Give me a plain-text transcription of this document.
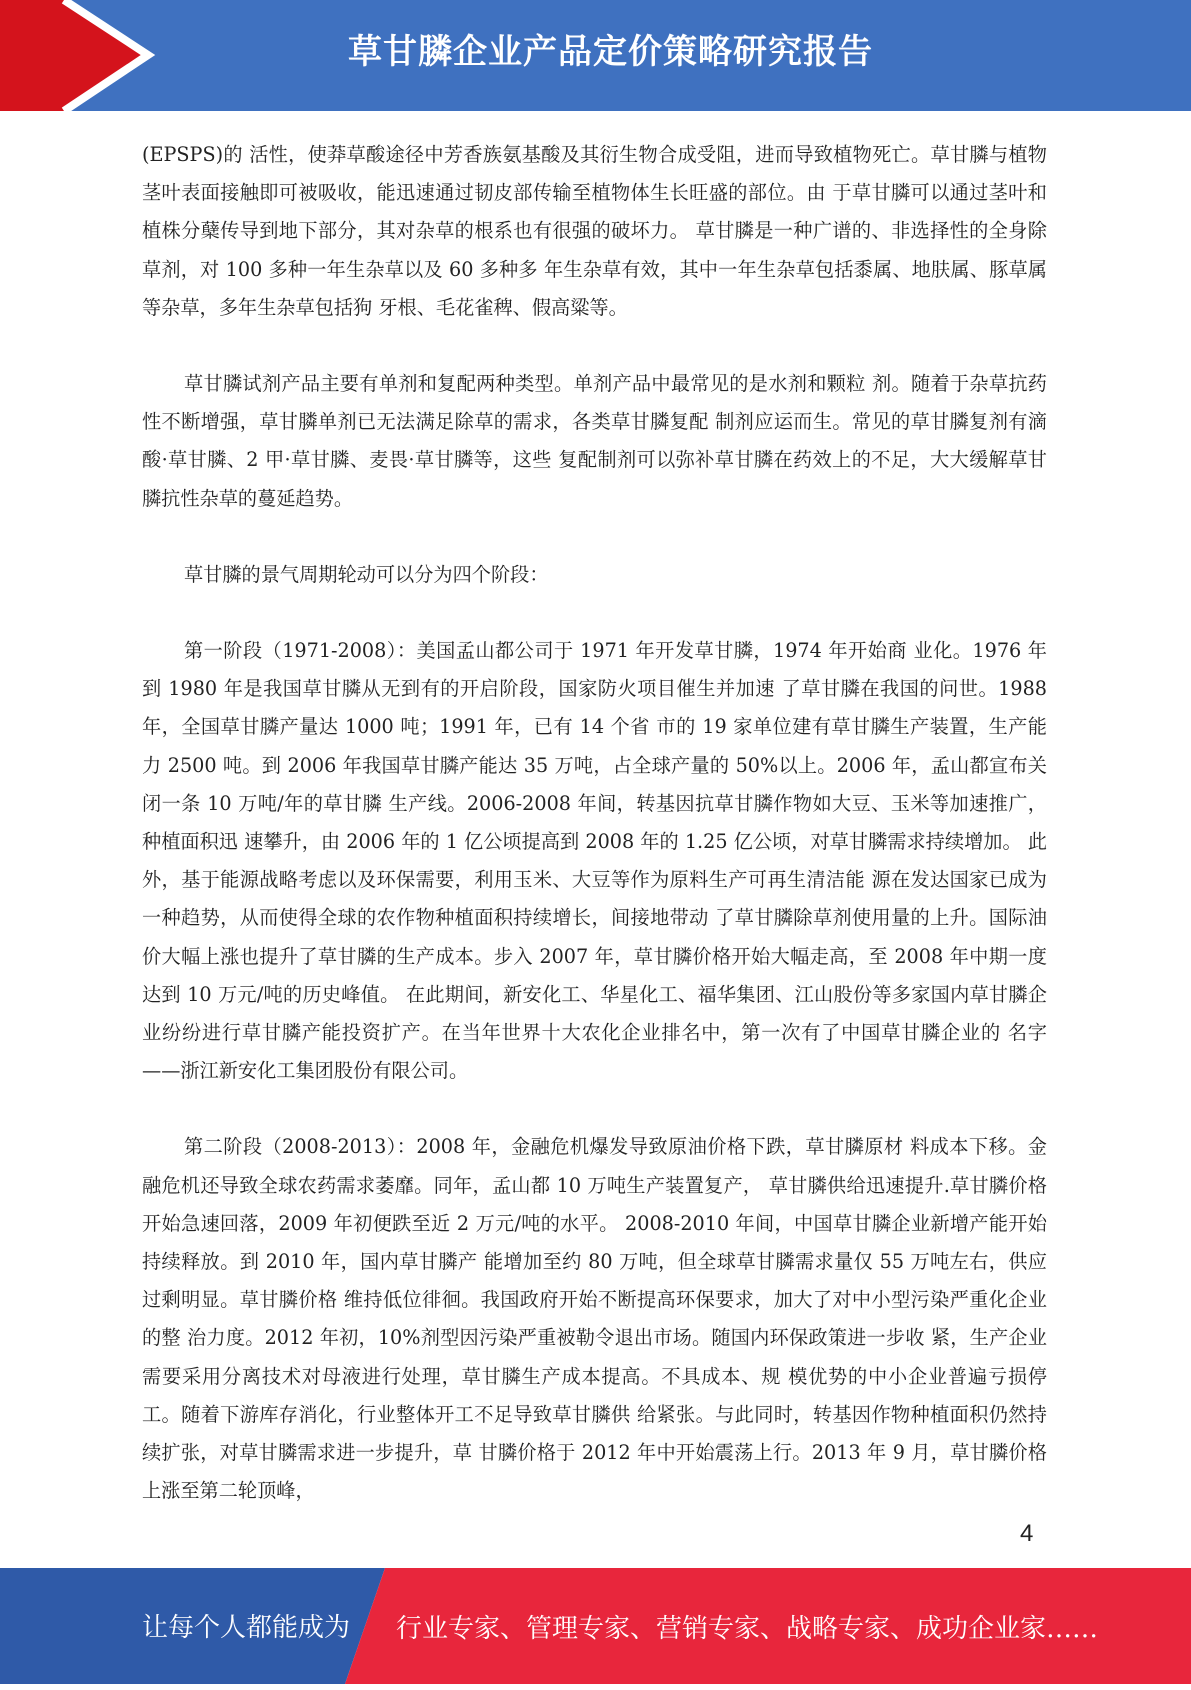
草甘膦企业产品定价策略研究报告

(EPSPS)的 活性，使莽草酸途径中芳香族氨基酸及其衍生物合成受阻，进而导致植物死亡。草甘膦与植物茎叶表面接触即可被吸收，能迅速通过韧皮部传输至植物体生长旺盛的部位。由 于草甘膦可以通过茎叶和植株分蘖传导到地下部分，其对杂草的根系也有很强的破坏力。 草甘膦是一种广谱的、非选择性的全身除草剂，对 100 多种一年生杂草以及 60 多种多 年生杂草有效，其中一年生杂草包括黍属、地肤属、豚草属等杂草，多年生杂草包括狗 牙根、毛花雀稗、假高粱等。

草甘膦试剂产品主要有单剂和复配两种类型。单剂产品中最常见的是水剂和颗粒 剂。随着于杂草抗药性不断增强，草甘膦单剂已无法满足除草的需求，各类草甘膦复配 制剂应运而生。常见的草甘膦复剂有滴酸·草甘膦、2 甲·草甘膦、麦畏·草甘膦等，这些 复配制剂可以弥补草甘膦在药效上的不足，大大缓解草甘膦抗性杂草的蔓延趋势。

草甘膦的景气周期轮动可以分为四个阶段：

第一阶段（1971-2008）：美国孟山都公司于 1971 年开发草甘膦，1974 年开始商 业化。1976 年到 1980 年是我国草甘膦从无到有的开启阶段，国家防火项目催生并加速 了草甘膦在我国的问世。1988 年，全国草甘膦产量达 1000 吨；1991 年，已有 14 个省 市的 19 家单位建有草甘膦生产装置，生产能力 2500 吨。到 2006 年我国草甘膦产能达 35 万吨，占全球产量的 50%以上。2006 年，孟山都宣布关闭一条 10 万吨/年的草甘膦 生产线。2006-2008 年间，转基因抗草甘膦作物如大豆、玉米等加速推广，种植面积迅 速攀升，由 2006 年的 1 亿公顷提高到 2008 年的 1.25 亿公顷，对草甘膦需求持续增加。 此外，基于能源战略考虑以及环保需要，利用玉米、大豆等作为原料生产可再生清洁能 源在发达国家已成为一种趋势，从而使得全球的农作物种植面积持续增长，间接地带动 了草甘膦除草剂使用量的上升。国际油价大幅上涨也提升了草甘膦的生产成本。步入 2007 年，草甘膦价格开始大幅走高，至 2008 年中期一度达到 10 万元/吨的历史峰值。 在此期间，新安化工、华星化工、福华集团、江山股份等多家国内草甘膦企业纷纷进行草甘膦产能投资扩产。在当年世界十大农化企业排名中，第一次有了中国草甘膦企业的 名字——浙江新安化工集团股份有限公司。

第二阶段（2008-2013）：2008 年，金融危机爆发导致原油价格下跌，草甘膦原材 料成本下移。金融危机还导致全球农药需求萎靡。同年，孟山都 10 万吨生产装置复产， 草甘膦供给迅速提升.草甘膦价格开始急速回落，2009 年初便跌至近 2 万元/吨的水平。 2008-2010 年间，中国草甘膦企业新增产能开始持续释放。到 2010 年，国内草甘膦产 能增加至约 80 万吨，但全球草甘膦需求量仅 55 万吨左右，供应过剩明显。草甘膦价格 维持低位徘徊。我国政府开始不断提高环保要求，加大了对中小型污染严重化企业的整 治力度。2012 年初，10%剂型因污染严重被勒令退出市场。随国内环保政策进一步收 紧，生产企业需要采用分离技术对母液进行处理，草甘膦生产成本提高。不具成本、规 模优势的中小企业普遍亏损停工。随着下游库存消化，行业整体开工不足导致草甘膦供 给紧张。与此同时，转基因作物种植面积仍然持续扩张，对草甘膦需求进一步提升，草 甘膦价格于 2012 年中开始震荡上行。2013 年 9 月，草甘膦价格上涨至第二轮顶峰，

4
让每个人都能成为 行业专家、管理专家、营销专家、战略专家、成功企业家……
